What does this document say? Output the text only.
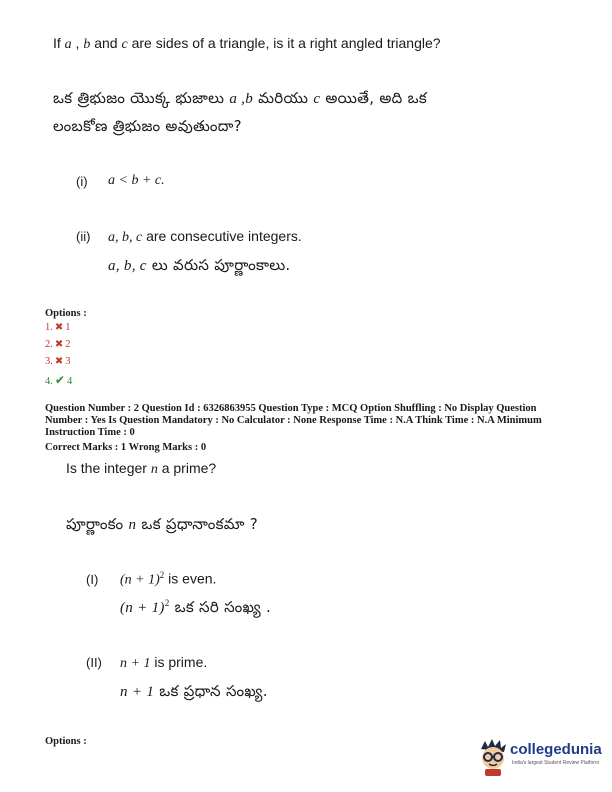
If a , b and c are sides of a triangle, is it a right angled triangle?
ఒక త్రిభుజం యొక్క భుజాలు a ,b మరియు c అయితే, అది ఒక
లంబకోణ త్రిభుజం అవుతుందా?
(i) a < b + c.
(ii) a, b, c are consecutive integers.
a, b, c లు వరుస పూర్ణాంకాలు.
Options :
1. ✖ 1
2. ✖ 2
3. ✖ 3
4. ✔ 4
Question Number : 2 Question Id : 6326863955 Question Type : MCQ Option Shuffling : No Display Question
Number : Yes Is Question Mandatory : No Calculator : None Response Time : N.A Think Time : N.A Minimum
Instruction Time : 0
Correct Marks : 1 Wrong Marks : 0
Is the integer n a prime?
పూర్ణాంకం n ఒక ప్రధానాంకమా ?
(I) $(n + 1)^2$ is even.
$(n + 1)^2$ ఒక సరి సంఖ్య .
(II) n + 1 is prime.
n + 1 ఒక ప్రధాన సంఖ్య.
Options :	collegedunia
India's largest Student Review Platform
